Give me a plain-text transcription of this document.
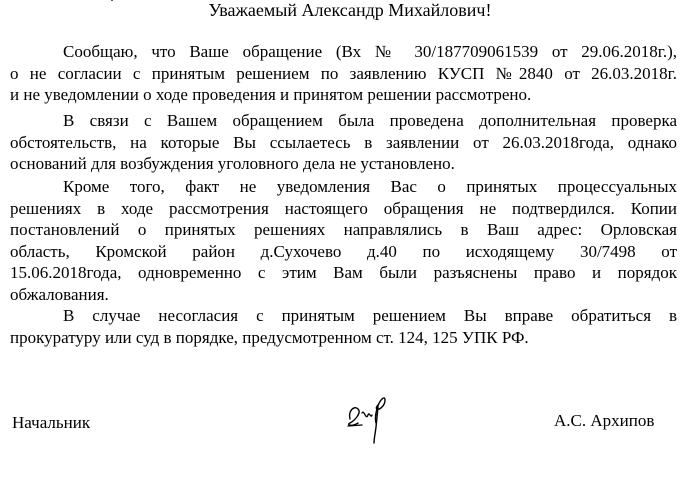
Уважаемый Александр Михайлович!
Сообщаю, что Ваше обращение (Вх № 30/187709061539 от 29.06.2018г.),
о не согласии с принятым решением по заявлению КУСП №2840 от 26.03.2018г.
и не уведомлении о ходе проведения и принятом решении рассмотрено.
В связи с Вашем обращением была проведена дополнительная проверка
обстоятельств, на которые Вы ссылаетесь в заявлении от 26.03.2018года, однако
оснований для возбуждения уголовного дела не установлено.
Кроме того, факт не уведомления Вас о принятых процессуальных
решениях в ходе рассмотрения настоящего обращения не подтвердился. Копии
постановлений о принятых решениях направлялись в Ваш адрес: Орловская
область, Кромской район д.Сухочево д.40 по исходящему 30/7498 от
15.06.2018года, одновременно с этим Вам были разъяснены право и порядок
обжалования.
В случае несогласия с принятым решением Вы вправе обратиться в
прокуратуру или суд в порядке, предусмотренном ст. 124, 125 УПК РФ.
Начальник	А.С. Архипов
